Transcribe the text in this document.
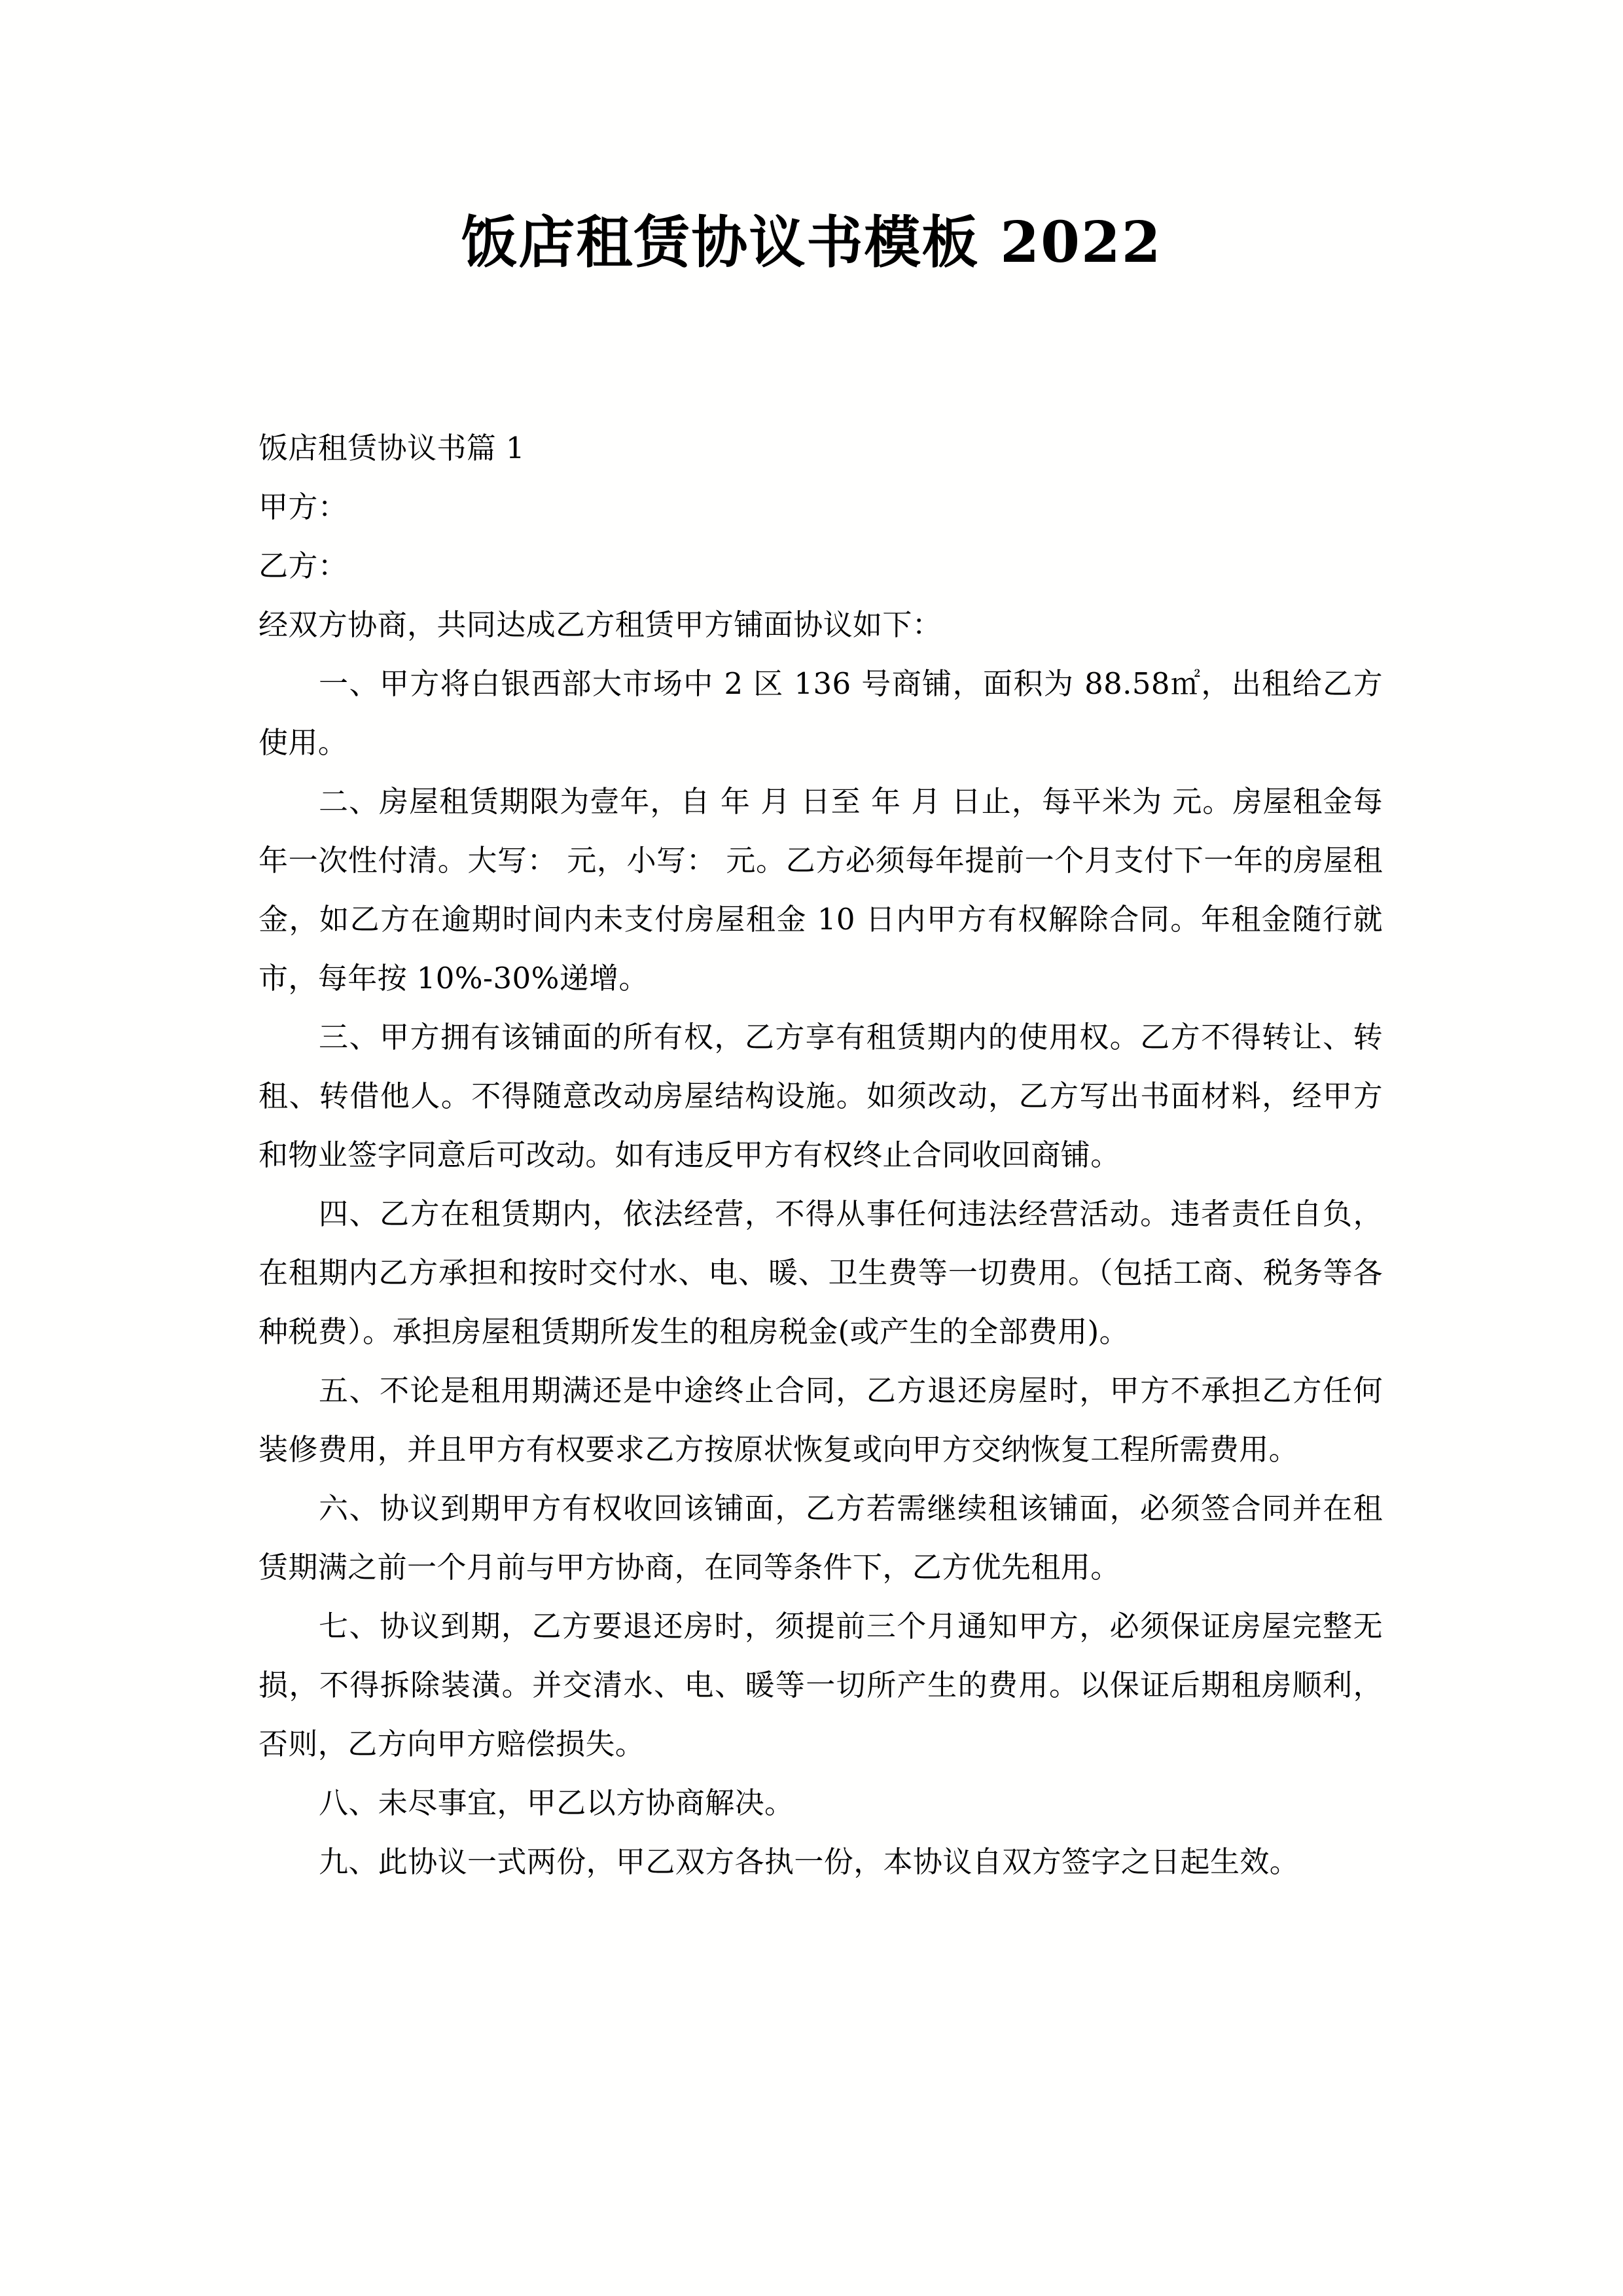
饭店租赁协议书模板 2022

饭店租赁协议书篇 1

甲方：

乙方：

经双方协商，共同达成乙方租赁甲方铺面协议如下：

一、甲方将白银西部大市场中 2 区 136 号商铺，面积为 88.58㎡，出租给乙方使用。

二、房屋租赁期限为壹年，自 年 月 日至 年 月 日止，每平米为 元。房屋租金每年一次性付清。大写： 元，小写： 元。乙方必须每年提前一个月支付下一年的房屋租金，如乙方在逾期时间内未支付房屋租金 10 日内甲方有权解除合同。年租金随行就市，每年按 10%-30%递增。

三、甲方拥有该铺面的所有权，乙方享有租赁期内的使用权。乙方不得转让、转租、转借他人。不得随意改动房屋结构设施。如须改动，乙方写出书面材料，经甲方和物业签字同意后可改动。如有违反甲方有权终止合同收回商铺。

四、乙方在租赁期内，依法经营，不得从事任何违法经营活动。违者责任自负，在租期内乙方承担和按时交付水、电、暖、卫生费等一切费用。（包括工商、税务等各种税费）。承担房屋租赁期所发生的租房税金(或产生的全部费用)。

五、不论是租用期满还是中途终止合同，乙方退还房屋时，甲方不承担乙方任何装修费用，并且甲方有权要求乙方按原状恢复或向甲方交纳恢复工程所需费用。

六、协议到期甲方有权收回该铺面，乙方若需继续租该铺面，必须签合同并在租赁期满之前一个月前与甲方协商，在同等条件下，乙方优先租用。

七、协议到期，乙方要退还房时，须提前三个月通知甲方，必须保证房屋完整无损，不得拆除装潢。并交清水、电、暖等一切所产生的费用。以保证后期租房顺利，否则，乙方向甲方赔偿损失。

八、未尽事宜，甲乙以方协商解决。

九、此协议一式两份，甲乙双方各执一份，本协议自双方签字之日起生效。
